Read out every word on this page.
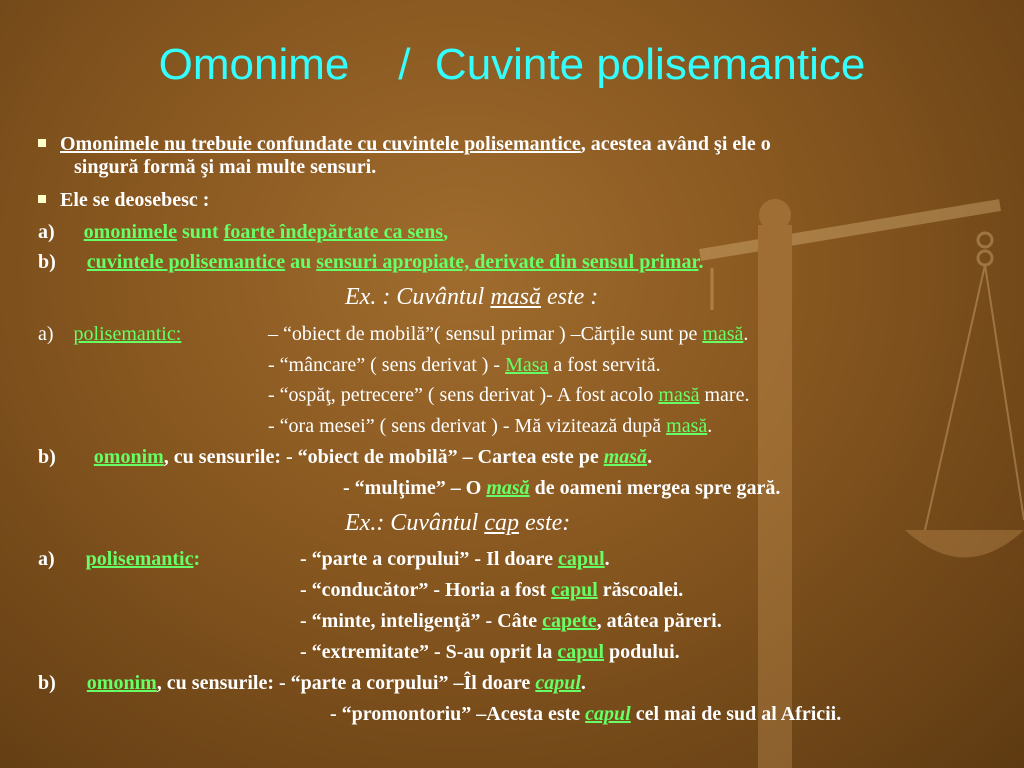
Omonime    /  Cuvinte polisemantice
Omonimele nu trebuie confundate cu cuvintele polisemantice, acestea având şi ele o
singură formă şi mai multe sensuri.
Ele se deosebesc :
a) omonimele sunt foarte îndepărtate ca sens,
b) cuvintele polisemantice au sensuri apropiate, derivate din sensul primar.
Ex. : Cuvântul masă este :
a) polisemantic:	– “obiect de mobilă”( sensul primar ) –Cărţile sunt pe masă.
- “mâncare” ( sens derivat ) - Masa a fost servită.
- “ospăţ, petrecere” ( sens derivat )- A fost acolo masă mare.
- “ora mesei” ( sens derivat ) - Mă vizitează după masă.
b) omonim, cu sensurile: - “obiect de mobilă” – Cartea este pe masă.
- “mulţime” – O masă de oameni mergea spre gară.
Ex.: Cuvântul cap este:
a) polisemantic:	- “parte a corpului” - Il doare capul.
- “conducător” - Horia a fost capul răscoalei.
- “minte, inteligenţă” - Câte capete, atâtea păreri.
- “extremitate” - S-au oprit la capul podului.
b) omonim, cu sensurile: - “parte a corpului” –Îl doare capul.
- “promontoriu” –Acesta este capul cel mai de sud al Africii.
